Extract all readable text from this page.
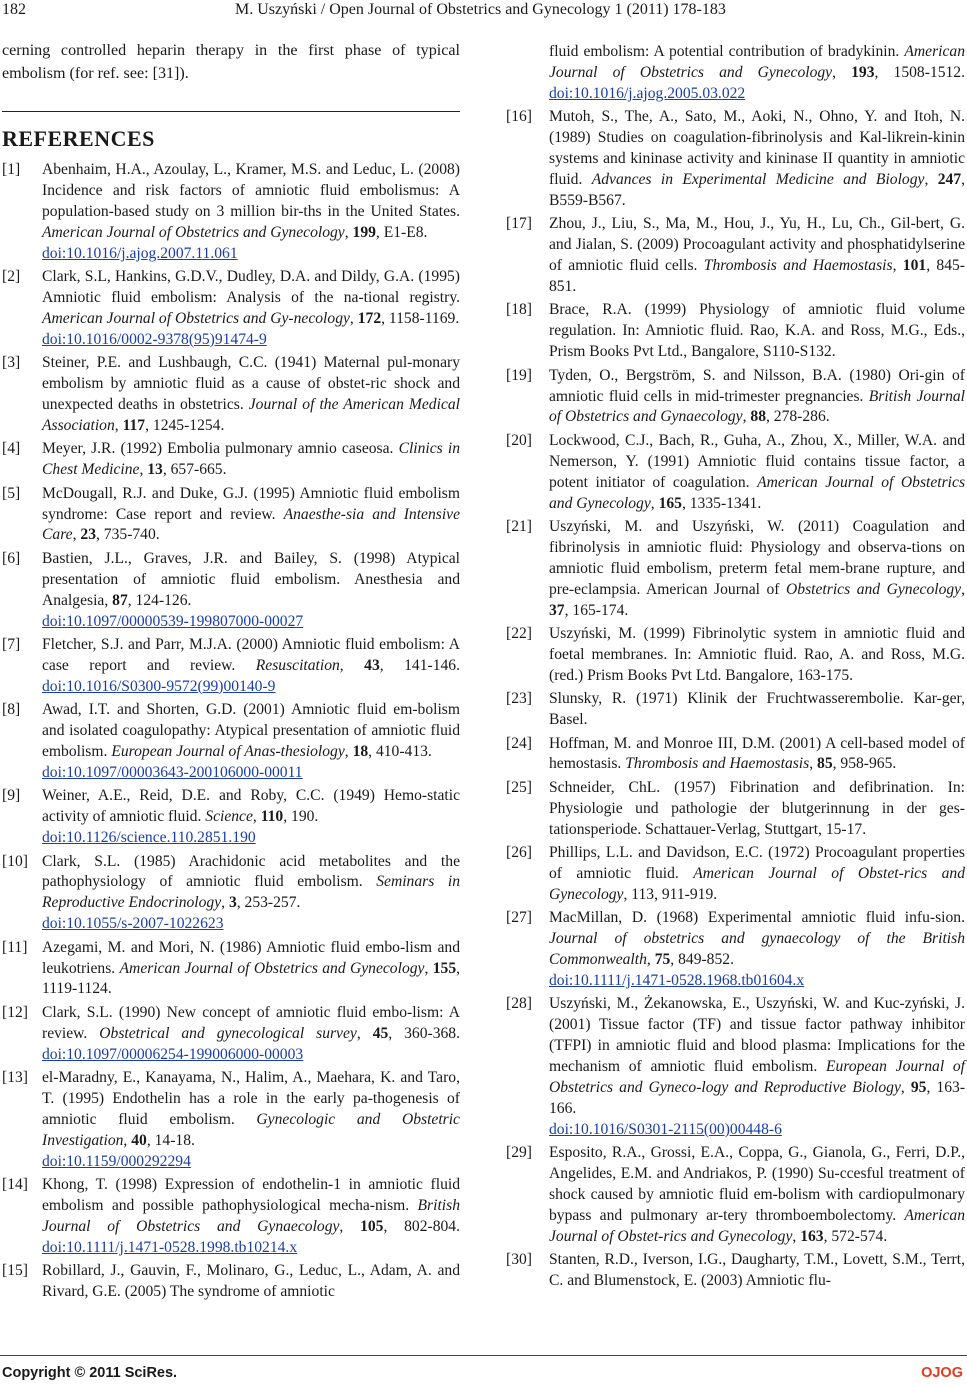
182	M. Uszyński / Open Journal of Obstetrics and Gynecology 1 (2011) 178-183

cerning controlled heparin therapy in the first phase of typical embolism (for ref. see: [31]).

REFERENCES
[1] Abenhaim, H.A., Azoulay, L., Kramer, M.S. and Leduc, L. (2008) Incidence and risk factors of amniotic fluid embolismus: A population-based study on 3 million bir-ths in the United States. American Journal of Obstetrics and Gynecology, 199, E1-E8.
doi:10.1016/j.ajog.2007.11.061
[2] Clark, S.L, Hankins, G.D.V., Dudley, D.A. and Dildy, G.A. (1995) Amniotic fluid embolism: Analysis of the na-tional registry. American Journal of Obstetrics and Gy-necology, 172, 1158-1169.
doi:10.1016/0002-9378(95)91474-9
[3] Steiner, P.E. and Lushbaugh, C.C. (1941) Maternal pul-monary embolism by amniotic fluid as a cause of obstet-ric shock and unexpected deaths in obstetrics. Journal of the American Medical Association, 117, 1245-1254.
[4] Meyer, J.R. (1992) Embolia pulmonary amnio caseosa. Clinics in Chest Medicine, 13, 657-665.
[5] McDougall, R.J. and Duke, G.J. (1995) Amniotic fluid embolism syndrome: Case report and review. Anaesthe-sia and Intensive Care, 23, 735-740.
[6] Bastien, J.L., Graves, J.R. and Bailey, S. (1998) Atypical presentation of amniotic fluid embolism. Anesthesia and Analgesia, 87, 124-126.
doi:10.1097/00000539-199807000-00027
[7] Fletcher, S.J. and Parr, M.J.A. (2000) Amniotic fluid embolism: A case report and review. Resuscitation, 43, 141-146. doi:10.1016/S0300-9572(99)00140-9
[8] Awad, I.T. and Shorten, G.D. (2001) Amniotic fluid em-bolism and isolated coagulopathy: Atypical presentation of amniotic fluid embolism. European Journal of Anas-thesiology, 18, 410-413.
doi:10.1097/00003643-200106000-00011
[9] Weiner, A.E., Reid, D.E. and Roby, C.C. (1949) Hemo-static activity of amniotic fluid. Science, 110, 190.
doi:10.1126/science.110.2851.190
[10] Clark, S.L. (1985) Arachidonic acid metabolites and the pathophysiology of amniotic fluid embolism. Seminars in Reproductive Endocrinology, 3, 253-257.
doi:10.1055/s-2007-1022623
[11] Azegami, M. and Mori, N. (1986) Amniotic fluid embo-lism and leukotriens. American Journal of Obstetrics and Gynecology, 155, 1119-1124.
[12] Clark, S.L. (1990) New concept of amniotic fluid embo-lism: A review. Obstetrical and gynecological survey, 45, 360-368. doi:10.1097/00006254-199006000-00003
[13] el-Maradny, E., Kanayama, N., Halim, A., Maehara, K. and Taro, T. (1995) Endothelin has a role in the early pa-thogenesis of amniotic fluid embolism. Gynecologic and Obstetric Investigation, 40, 14-18.
doi:10.1159/000292294
[14] Khong, T. (1998) Expression of endothelin-1 in amniotic fluid embolism and possible pathophysiological mecha-nism. British Journal of Obstetrics and Gynaecology, 105, 802-804. doi:10.1111/j.1471-0528.1998.tb10214.x
[15] Robillard, J., Gauvin, F., Molinaro, G., Leduc, L., Adam, A. and Rivard, G.E. (2005) The syndrome of amniotic
fluid embolism: A potential contribution of bradykinin. American Journal of Obstetrics and Gynecology, 193, 1508-1512. doi:10.1016/j.ajog.2005.03.022
[16] Mutoh, S., The, A., Sato, M., Aoki, N., Ohno, Y. and Itoh, N. (1989) Studies on coagulation-fibrinolysis and Kal-likrein-kinin systems and kininase activity and kininase II quantity in amniotic fluid. Advances in Experimental Medicine and Biology, 247, B559-B567.
[17] Zhou, J., Liu, S., Ma, M., Hou, J., Yu, H., Lu, Ch., Gil-bert, G. and Jialan, S. (2009) Procoagulant activity and phosphatidylserine of amniotic fluid cells. Thrombosis and Haemostasis, 101, 845-851.
[18] Brace, R.A. (1999) Physiology of amniotic fluid volume regulation. In: Amniotic fluid. Rao, K.A. and Ross, M.G., Eds., Prism Books Pvt Ltd., Bangalore, S110-S132.
[19] Tyden, O., Bergström, S. and Nilsson, B.A. (1980) Ori-gin of amniotic fluid cells in mid-trimester pregnancies. British Journal of Obstetrics and Gynaecology, 88, 278-286.
[20] Lockwood, C.J., Bach, R., Guha, A., Zhou, X., Miller, W.A. and Nemerson, Y. (1991) Amniotic fluid contains tissue factor, a potent initiator of coagulation. American Journal of Obstetrics and Gynecology, 165, 1335-1341.
[21] Uszyński, M. and Uszyński, W. (2011) Coagulation and fibrinolysis in amniotic fluid: Physiology and observa-tions on amniotic fluid embolism, preterm fetal mem-brane rupture, and pre-eclampsia. American Journal of Obstetrics and Gynecology, 37, 165-174.
[22] Uszyński, M. (1999) Fibrinolytic system in amniotic fluid and foetal membranes. In: Amniotic fluid. Rao, A. and Ross, M.G. (red.) Prism Books Pvt Ltd. Bangalore, 163-175.
[23] Slunsky, R. (1971) Klinik der Fruchtwasserembolie. Kar-ger, Basel.
[24] Hoffman, M. and Monroe III, D.M. (2001) A cell-based model of hemostasis. Thrombosis and Haemostasis, 85, 958-965.
[25] Schneider, ChL. (1957) Fibrination and defibrination. In: Physiologie und pathologie der blutgerinnung in der ges-tationsperiode. Schattauer-Verlag, Stuttgart, 15-17.
[26] Phillips, L.L. and Davidson, E.C. (1972) Procoagulant properties of amniotic fluid. American Journal of Obstet-rics and Gynecology, 113, 911-919.
[27] MacMillan, D. (1968) Experimental amniotic fluid infu-sion. Journal of obstetrics and gynaecology of the British Commonwealth, 75, 849-852.
doi:10.1111/j.1471-0528.1968.tb01604.x
[28] Uszyński, M., Żekanowska, E., Uszyński, W. and Kuc-zyński, J. (2001) Tissue factor (TF) and tissue factor pathway inhibitor (TFPI) in amniotic fluid and blood plasma: Implications for the mechanism of amniotic fluid embolism. European Journal of Obstetrics and Gyneco-logy and Reproductive Biology, 95, 163-166.
doi:10.1016/S0301-2115(00)00448-6
[29] Esposito, R.A., Grossi, E.A., Coppa, G., Gianola, G., Ferri, D.P., Angelides, E.M. and Andriakos, P. (1990) Su-ccesful treatment of shock caused by amniotic fluid em-bolism with cardiopulmonary bypass and pulmonary ar-tery thromboembolectomy. American Journal of Obstet-rics and Gynecology, 163, 572-574.
[30] Stanten, R.D., Iverson, I.G., Daugharty, T.M., Lovett, S.M., Terrt, C. and Blumenstock, E. (2003) Amniotic flu-
Copyright © 2011 SciRes.	OJOG
